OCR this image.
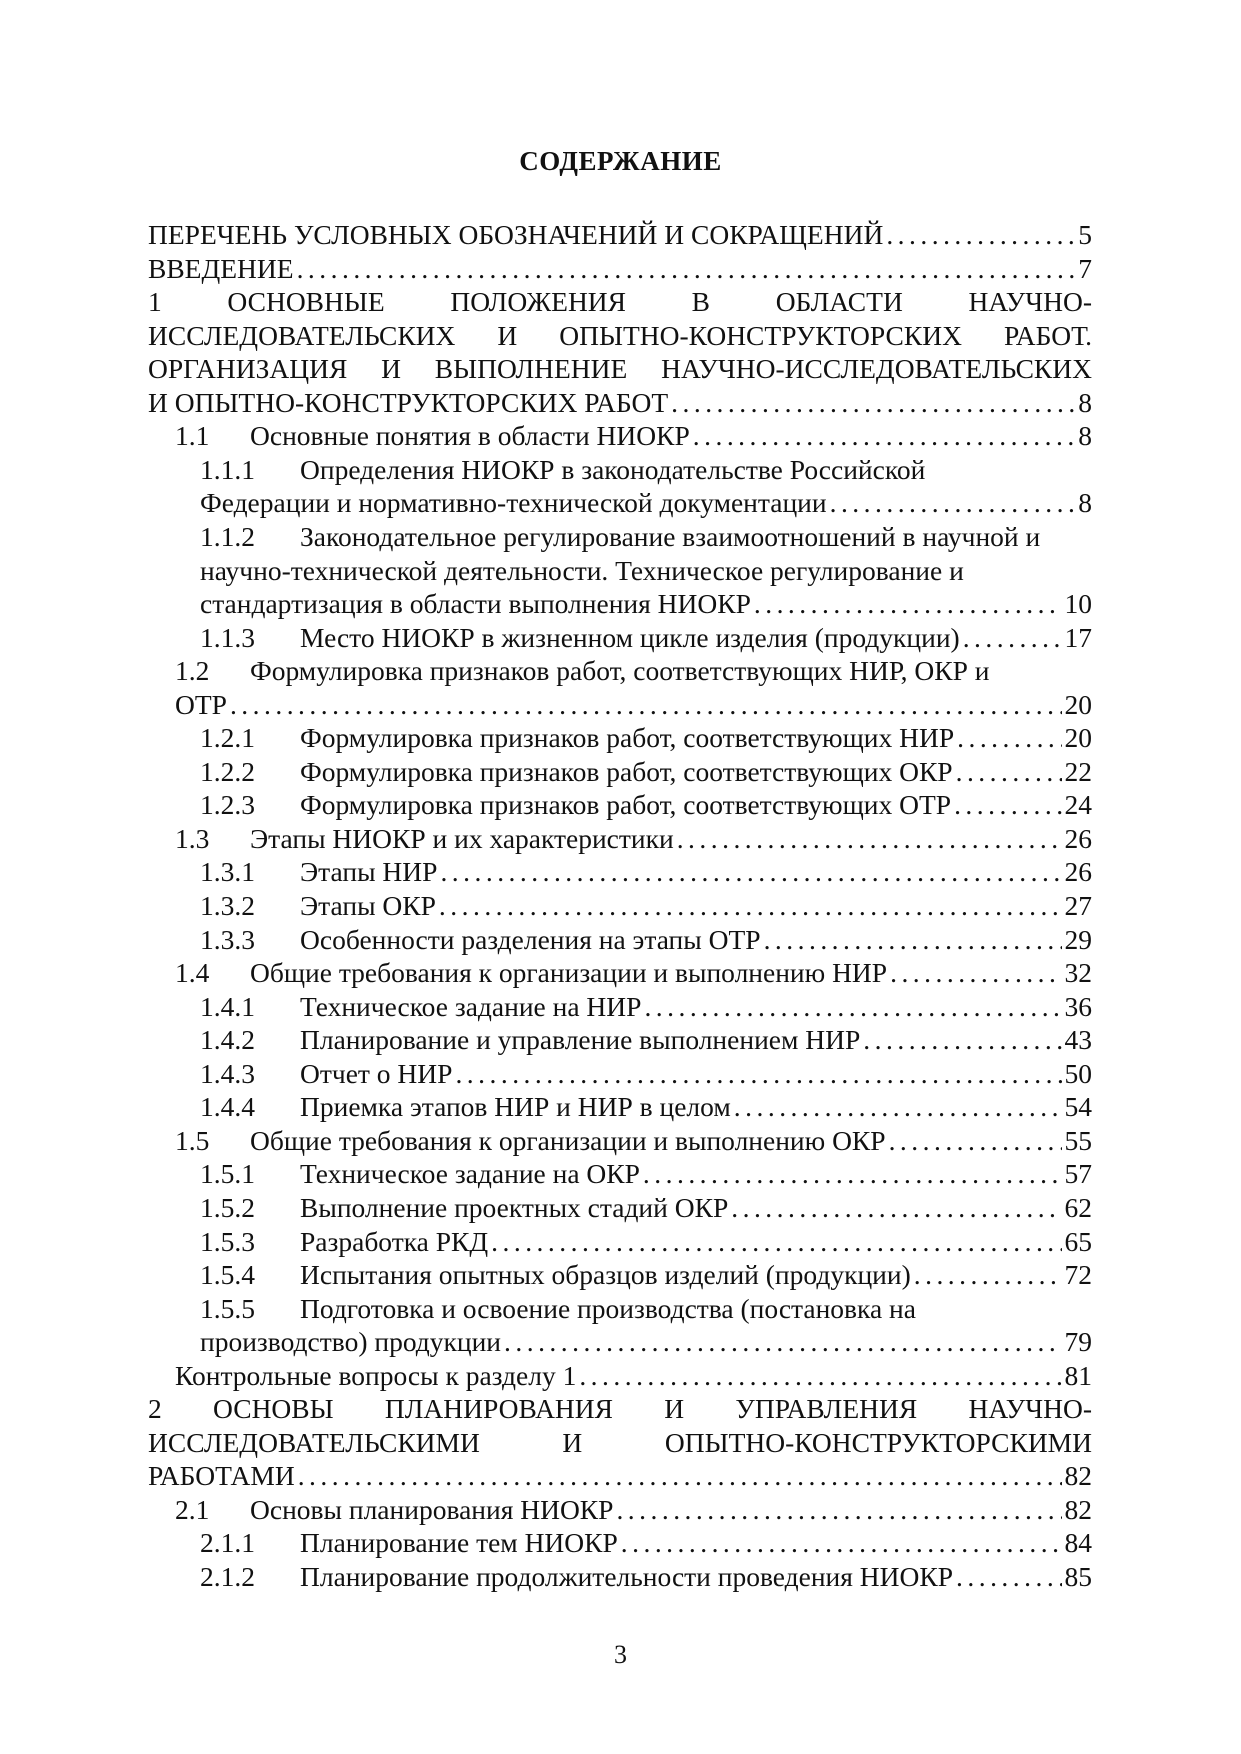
СОДЕРЖАНИЕ
ПЕРЕЧЕНЬ УСЛОВНЫХ ОБОЗНАЧЕНИЙ И СОКРАЩЕНИЙ . . .	5
ВВЕДЕНИЕ . . .	7
1 ОСНОВНЫЕ ПОЛОЖЕНИЯ В ОБЛАСТИ НАУЧНО-
ИССЛЕДОВАТЕЛЬСКИХ И ОПЫТНО-КОНСТРУКТОРСКИХ РАБОТ.
ОРГАНИЗАЦИЯ И ВЫПОЛНЕНИЕ НАУЧНО-ИССЛЕДОВАТЕЛЬСКИХ
И ОПЫТНО-КОНСТРУКТОРСКИХ РАБОТ . . .	8
1.1	Основные понятия в области НИОКР . . .	8
1.1.1	Определения НИОКР в законодательстве Российской
Федерации и нормативно-технической документации . . .	8
1.1.2	Законодательное регулирование взаимоотношений в научной и
научно-технической деятельности. Техническое регулирование и
стандартизация в области выполнения НИОКР . . .	10
1.1.3	Место НИОКР в жизненном цикле изделия (продукции) . . .	17
1.2	Формулировка признаков работ, соответствующих НИР, ОКР и
ОТР . . .	20
1.2.1	Формулировка признаков работ, соответствующих НИР . . .	20
1.2.2	Формулировка признаков работ, соответствующих ОКР . . .	22
1.2.3	Формулировка признаков работ, соответствующих ОТР . . .	24
1.3	Этапы НИОКР и их характеристики . . .	26
1.3.1	Этапы НИР . . .	26
1.3.2	Этапы ОКР . . .	27
1.3.3	Особенности разделения на этапы ОТР . . .	29
1.4	Общие требования к организации и выполнению НИР . . .	32
1.4.1	Техническое задание на НИР . . .	36
1.4.2	Планирование и управление выполнением НИР . . .	43
1.4.3	Отчет о НИР . . .	50
1.4.4	Приемка этапов НИР и НИР в целом . . .	54
1.5	Общие требования к организации и выполнению ОКР . . .	55
1.5.1	Техническое задание на ОКР . . .	57
1.5.2	Выполнение проектных стадий ОКР . . .	62
1.5.3	Разработка РКД . . .	65
1.5.4	Испытания опытных образцов изделий (продукции) . . .	72
1.5.5	Подготовка и освоение производства (постановка на
производство) продукции . . .	79
Контрольные вопросы к разделу 1 . . .	81
2 ОСНОВЫ ПЛАНИРОВАНИЯ И УПРАВЛЕНИЯ НАУЧНО-
ИССЛЕДОВАТЕЛЬСКИМИ И ОПЫТНО-КОНСТРУКТОРСКИМИ
РАБОТАМИ . . .	82
2.1	Основы планирования НИОКР . . .	82
2.1.1	Планирование тем НИОКР . . .	84
2.1.2	Планирование продолжительности проведения НИОКР . . .	85
3
